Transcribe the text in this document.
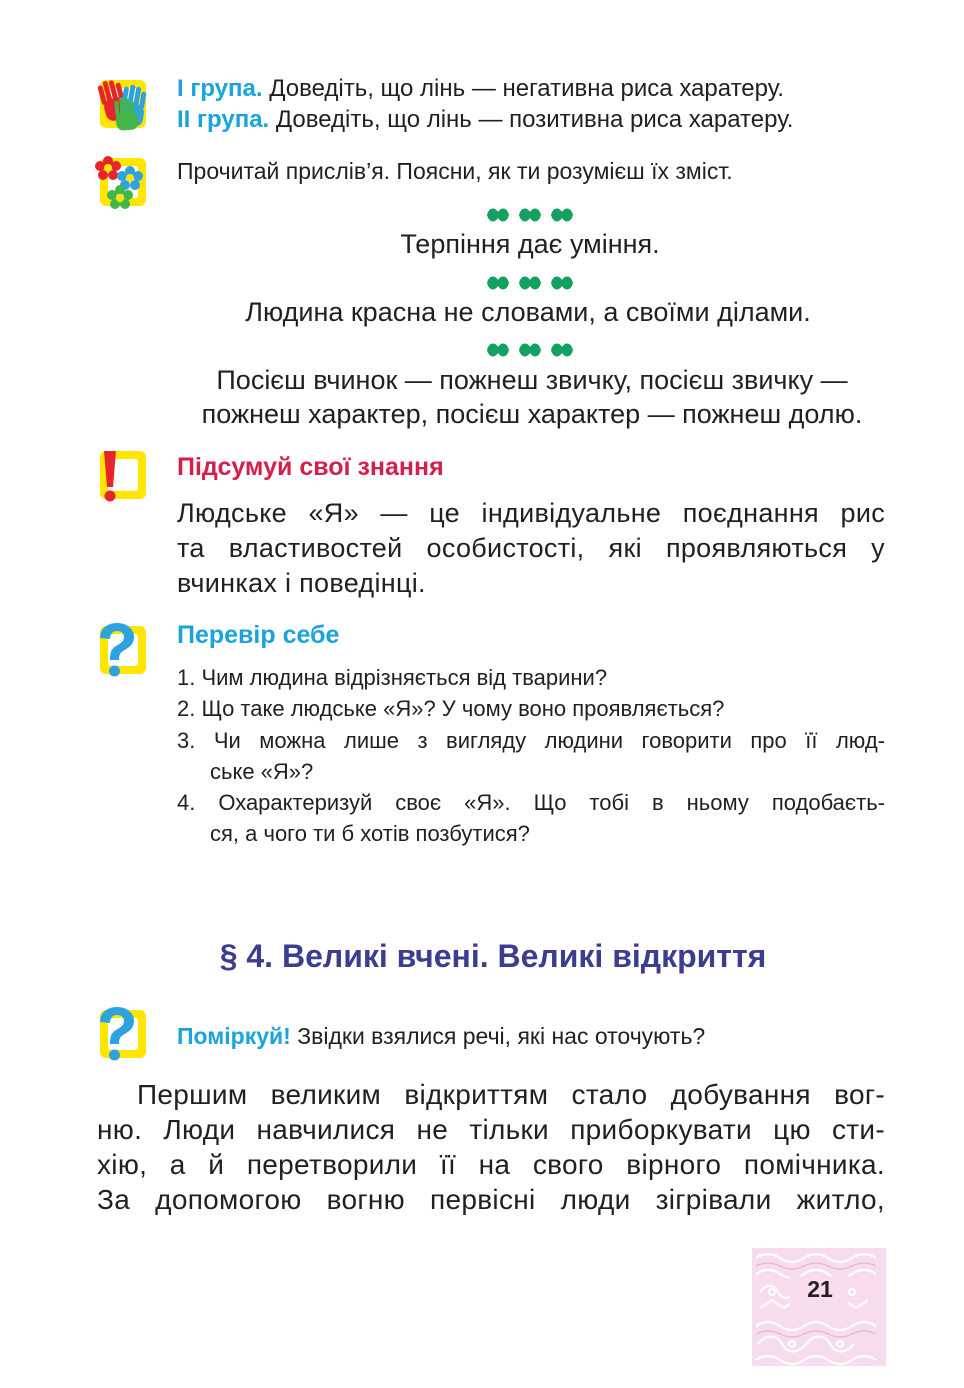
І група. Доведіть, що лінь — негативна риса харатеру.
ІІ група. Доведіть, що лінь — позитивна риса харатеру.
Прочитай прислів’я. Поясни, як ти розумієш їх зміст.
Терпіння дає уміння.
Людина красна не словами, а своїми ділами.
Посієш вчинок — пожнеш звичку, посієш звичку —
пожнеш характер, посієш характер — пожнеш долю.
Підсумуй свої знання
Людське «Я» — це індивідуальне поєднання рис
та властивостей особистості, які проявляються у
вчинках і поведінці.
Перевір себе
1. Чим людина відрізняється від тварини?
2. Що таке людське «Я»? У чому воно проявляється?
3. Чи можна лише з вигляду людини говорити про її люд-
ське «Я»?
4. Охарактеризуй своє «Я». Що тобі в ньому подобаєть-
ся, а чого ти б хотів позбутися?
§ 4. Великі вчені. Великі відкриття
Поміркуй! Звідки взялися речі, які нас оточують?
Першим великим відкриттям стало добування вог-
ню. Люди навчилися не тільки приборкувати цю сти-
хію, а й перетворили її на свого вірного помічника.
За допомогою вогню первісні люди зігрівали житло,
21
